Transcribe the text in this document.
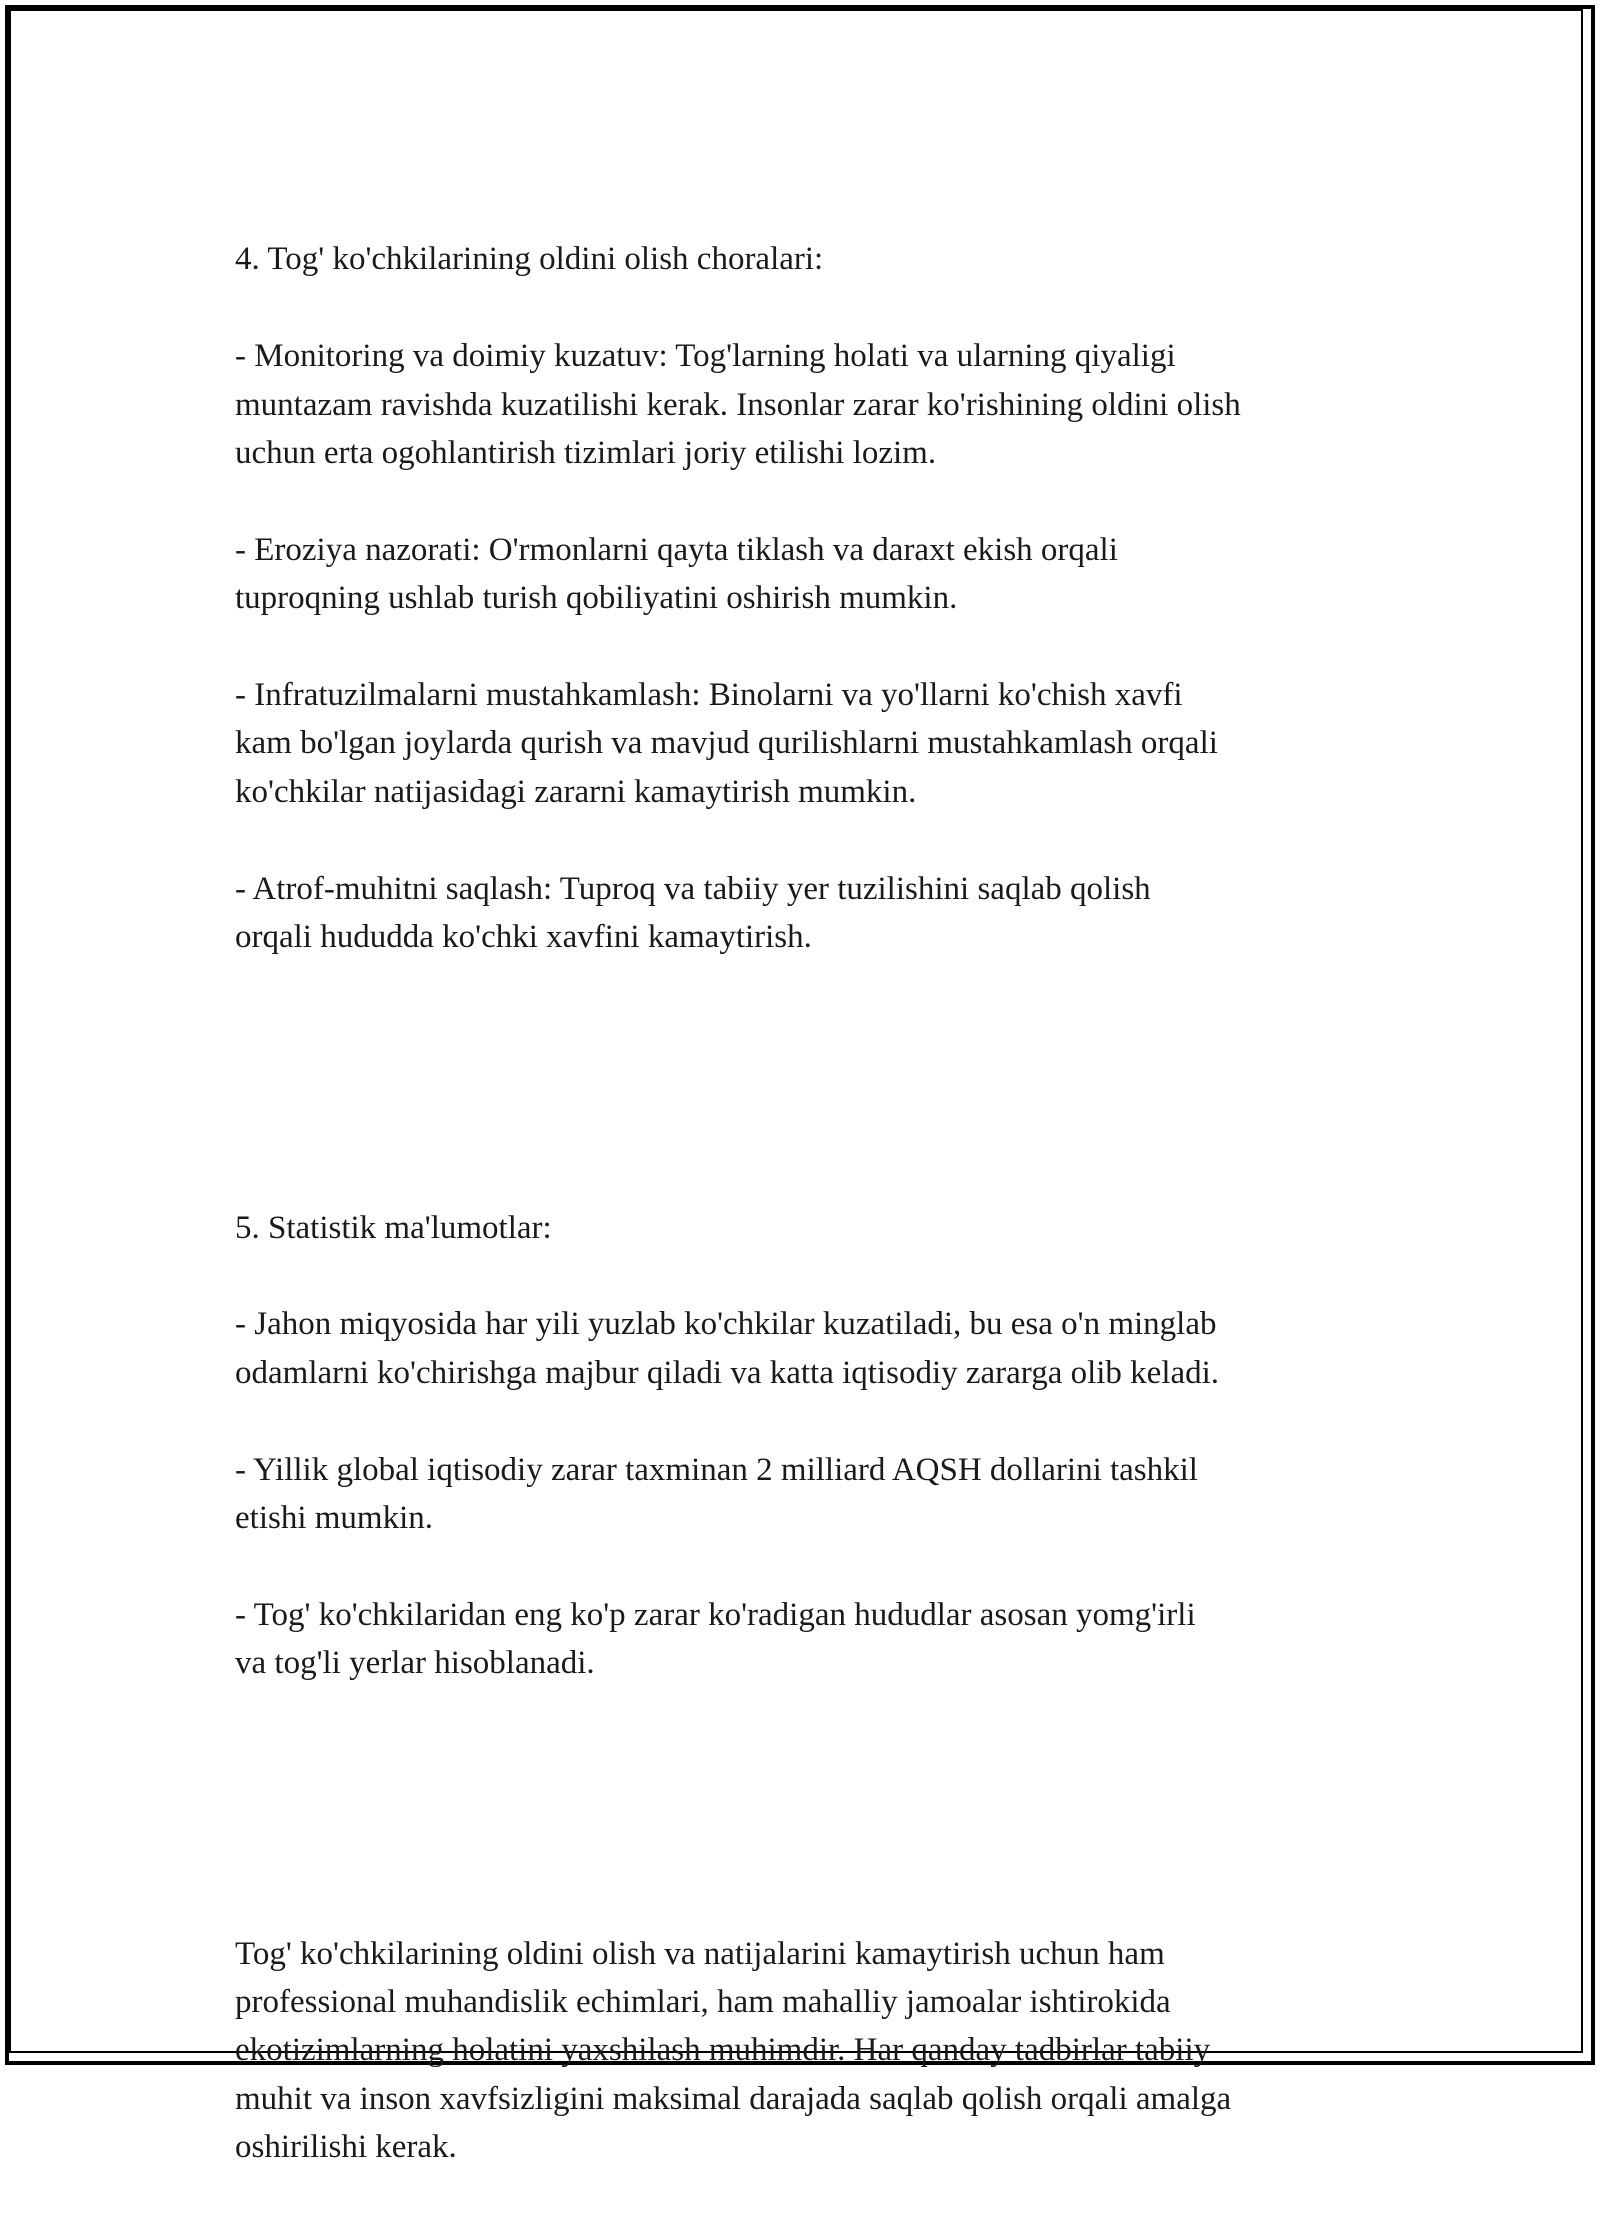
4. Tog' ko'chkilarining oldini olish choralari:

- Monitoring va doimiy kuzatuv: Tog'larning holati va ularning qiyaligi
muntazam ravishda kuzatilishi kerak. Insonlar zarar ko'rishining oldini olish
uchun erta ogohlantirish tizimlari joriy etilishi lozim.

- Eroziya nazorati: O'rmonlarni qayta tiklash va daraxt ekish orqali
tuproqning ushlab turish qobiliyatini oshirish mumkin.

- Infratuzilmalarni mustahkamlash: Binolarni va yo'llarni ko'chish xavfi
kam bo'lgan joylarda qurish va mavjud qurilishlarni mustahkamlash orqali
ko'chkilar natijasidagi zararni kamaytirish mumkin.

- Atrof-muhitni saqlash: Tuproq va tabiiy yer tuzilishini saqlab qolish
orqali hududda ko'chki xavfini kamaytirish.

5. Statistik ma'lumotlar:

- Jahon miqyosida har yili yuzlab ko'chkilar kuzatiladi, bu esa o'n minglab
odamlarni ko'chirishga majbur qiladi va katta iqtisodiy zararga olib keladi.

- Yillik global iqtisodiy zarar taxminan 2 milliard AQSH dollarini tashkil
etishi mumkin.

- Tog' ko'chkilaridan eng ko'p zarar ko'radigan hududlar asosan yomg'irli
va tog'li yerlar hisoblanadi.

Tog' ko'chkilarining oldini olish va natijalarini kamaytirish uchun ham
professional muhandislik echimlari, ham mahalliy jamoalar ishtirokida
ekotizimlarning holatini yaxshilash muhimdir. Har qanday tadbirlar tabiiy
muhit va inson xavfsizligini maksimal darajada saqlab qolish orqali amalga
oshirilishi kerak.
